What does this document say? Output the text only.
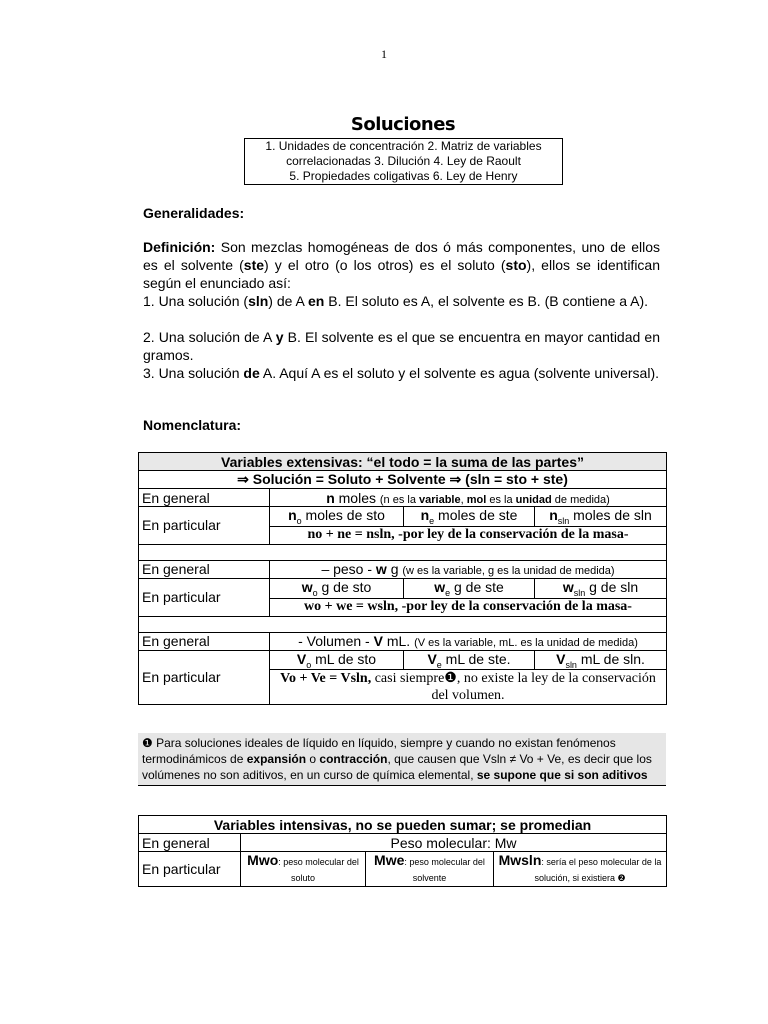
1
Soluciones
1. Unidades de concentración 2. Matriz de variables
correlacionadas 3. Dilución 4. Ley de Raoult
5. Propiedades coligativas 6. Ley de Henry
Generalidades:
Definición: Son mezclas homogéneas de dos ó más componentes, uno de ellos es el solvente (ste) y el otro (o los otros) es el soluto (sto), ellos se identifican según el enunciado así:
1. Una solución (sln) de A en B. El soluto es A, el solvente es B. (B contiene a A).
2. Una solución de A y B. El solvente es el que se encuentra en mayor cantidad en gramos.
3. Una solución de A. Aquí A es el soluto y el solvente es agua (solvente universal).
Nomenclatura:
Variables extensivas: “el todo = la suma de las partes”			
⇒ Solución = Soluto + Solvente ⇒ (sln = sto + ste)			
En general	n moles (n es la variable, mol es la unidad de medida)		
En particular	$n_o$ moles de sto	$n_e$ moles de ste	$n_{sln}$ moles de sln
	no + ne = nsln, -por ley de la conservación de la masa-		

En general	– peso - w g (w es la variable, g es la unidad de medida)		
En particular	$w_o$ g de sto	$w_e$ g de ste	$w_{sln}$ g de sln
	wo + we = wsln, -por ley de la conservación de la masa-		

En general	- Volumen - V mL. (V es la variable, mL. es la unidad de medida)		
En particular	$V_o$ mL de sto	$V_e$ mL de ste.	$V_{sln}$ mL de sln.
	Vo + Ve = Vsln, casi siempre❶, no existe la ley de la conservación del volumen.		
❶ Para soluciones ideales de líquido en líquido, siempre y cuando no existan fenómenos termodinámicos de expansión o contracción, que causen que Vsln ≠ Vo + Ve, es decir que los volúmenes no son aditivos, en un curso de química elemental, se supone que si son aditivos
Variables intensivas, no se pueden sumar; se promedian			
En general	Peso molecular: Mw		
En particular	Mwo: peso molecular del soluto	Mwe: peso molecular del solvente	Mwsln: sería el peso molecular de la solución, si existiera ❷
